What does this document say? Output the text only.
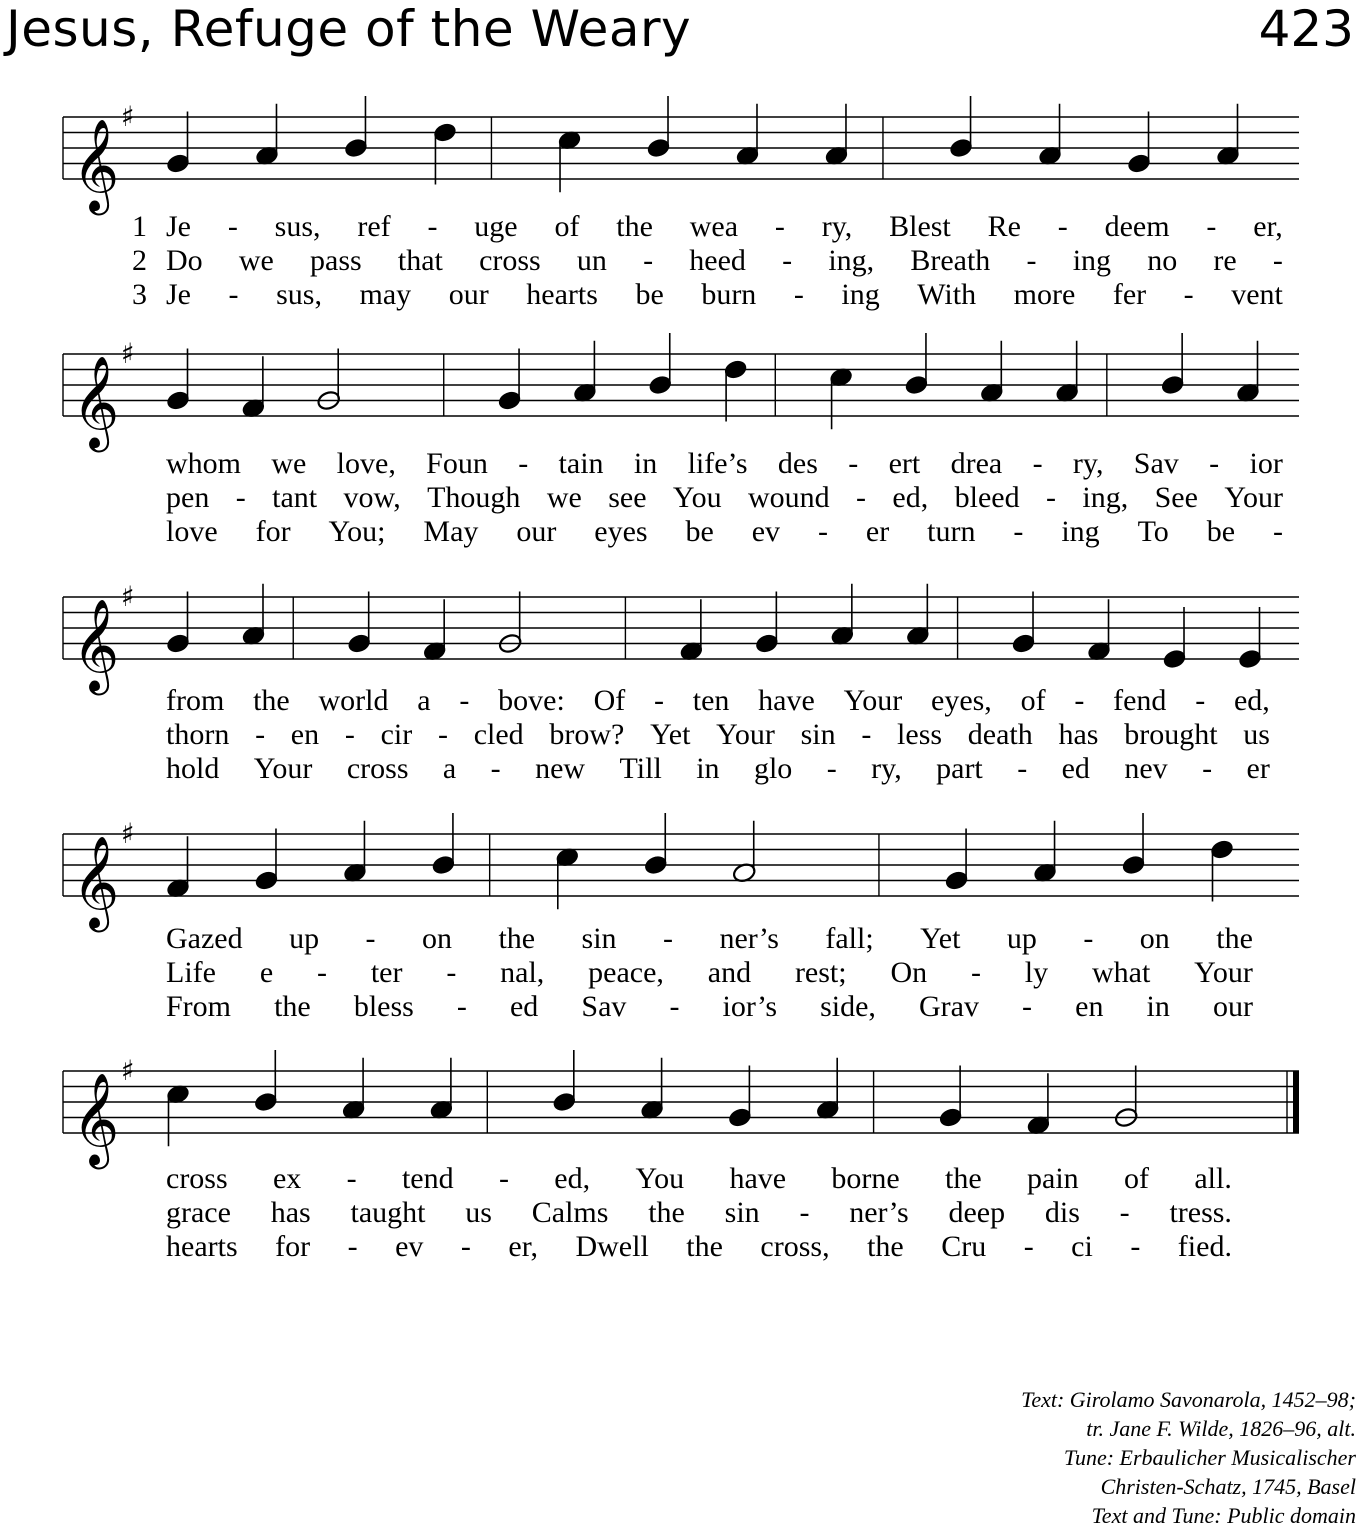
Jesus, Refuge of the Weary	423
𝄞
♯
𝄞
♯
𝄞
♯
𝄞
♯
𝄞
♯
1 Je - sus, ref - uge of the wea - ry, Blest Re - deem - er,
2 Do we pass that cross un - heed - ing, Breath - ing no re -
3 Je - sus, may our hearts be burn - ing With more fer - vent
whom we love, Foun - tain in life’s des - ert drea - ry, Sav - ior
pen - tant vow, Though we see You wound - ed, bleed - ing, See Your
love for You; May our eyes be ev - er turn - ing To be -
from the world a - bove: Of - ten have Your eyes, of - fend - ed,
thorn - en - cir - cled brow? Yet Your sin - less death has brought us
hold Your cross a - new Till in glo - ry, part - ed nev - er
Gazed up - on the sin - ner’s fall; Yet up - on the
Life e - ter - nal, peace, and rest; On - ly what Your
From the bless - ed Sav - ior’s side, Grav - en in our
cross ex - tend - ed, You have borne the pain of all.
grace has taught us Calms the sin - ner’s deep dis - tress.
hearts for - ev - er, Dwell the cross, the Cru - ci - fied.
Text: Girolamo Savonarola, 1452–98;
tr. Jane F. Wilde, 1826–96, alt.
Tune: Erbaulicher Musicalischer
Christen-Schatz, 1745, Basel
Text and Tune: Public domain
